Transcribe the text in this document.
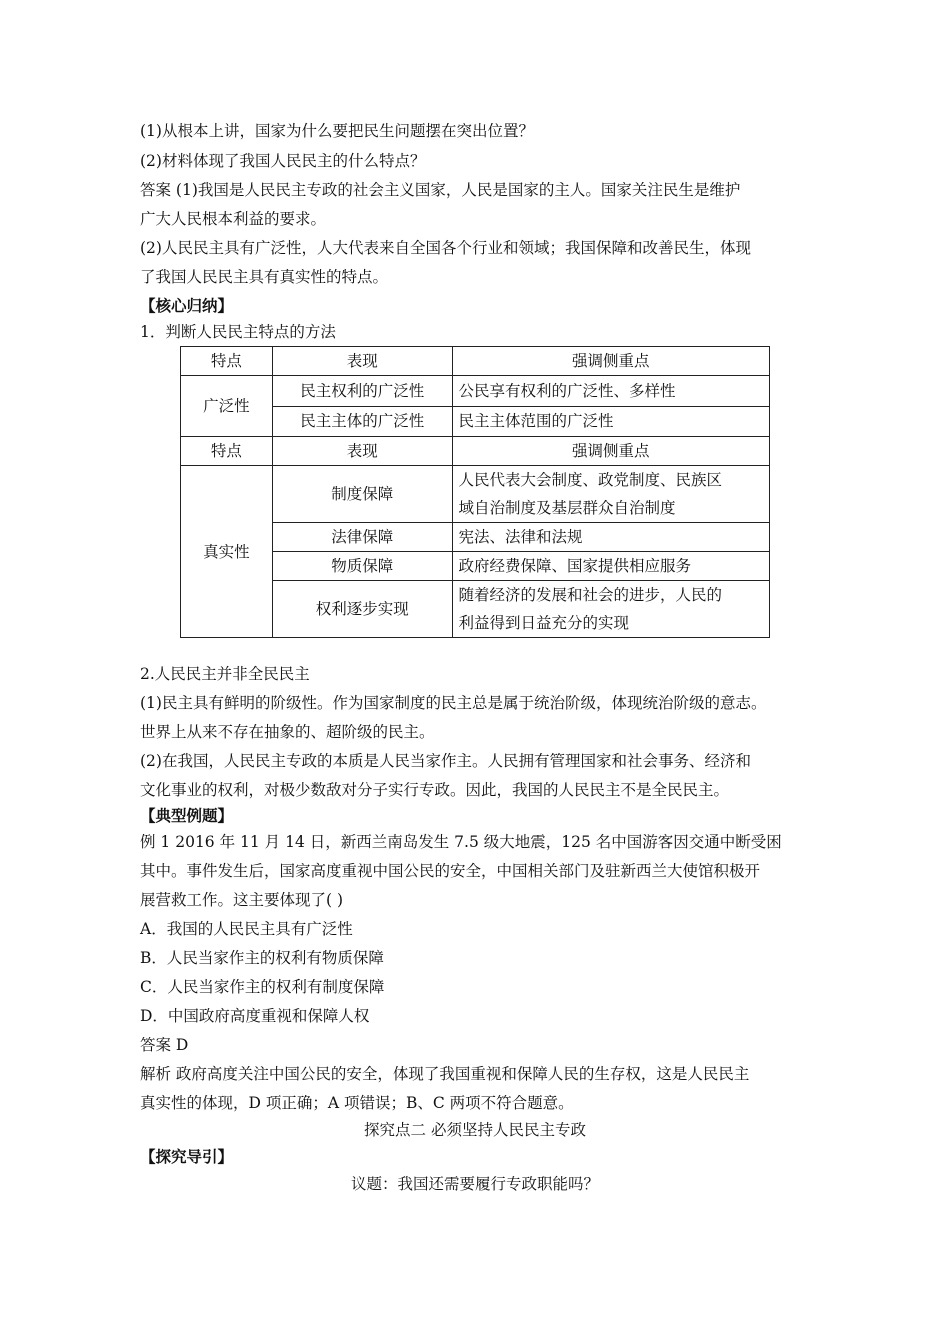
(1)从根本上讲，国家为什么要把民生问题摆在突出位置？
(2)材料体现了我国人民民主的什么特点？
答案 (1)我国是人民民主专政的社会主义国家，人民是国家的主人。国家关注民生是维护
广大人民根本利益的要求。
(2)人民民主具有广泛性，人大代表来自全国各个行业和领域；我国保障和改善民生，体现
了我国人民民主具有真实性的特点。
【核心归纳】
1．判断人民民主特点的方法
特点	表现	强调侧重点
广泛性	民主权利的广泛性	公民享有权利的广泛性、多样性
	民主主体的广泛性	民主主体范围的广泛性
特点	表现	强调侧重点
真实性	制度保障	人民代表大会制度、政党制度、民族区
域自治制度及基层群众自治制度

	法律保障	宪法、法律和法规
	物质保障	政府经费保障、国家提供相应服务
	权利逐步实现	随着经济的发展和社会的进步，人民的
利益得到日益充分的实现
2.人民民主并非全民民主
(1)民主具有鲜明的阶级性。作为国家制度的民主总是属于统治阶级，体现统治阶级的意志。
世界上从来不存在抽象的、超阶级的民主。
(2)在我国，人民民主专政的本质是人民当家作主。人民拥有管理国家和社会事务、经济和
文化事业的权利，对极少数敌对分子实行专政。因此，我国的人民民主不是全民民主。
【典型例题】
例 1 2016 年 11 月 14 日，新西兰南岛发生 7.5 级大地震，125 名中国游客因交通中断受困
其中。事件发生后，国家高度重视中国公民的安全，中国相关部门及驻新西兰大使馆积极开
展营救工作。这主要体现了( )
A．我国的人民民主具有广泛性
B．人民当家作主的权利有物质保障
C．人民当家作主的权利有制度保障
D．中国政府高度重视和保障人权
答案 D
解析 政府高度关注中国公民的安全，体现了我国重视和保障人民的生存权，这是人民民主
真实性的体现，D 项正确；A 项错误；B、C 两项不符合题意。
探究点二 必须坚持人民民主专政
【探究导引】
议题：我国还需要履行专政职能吗？
